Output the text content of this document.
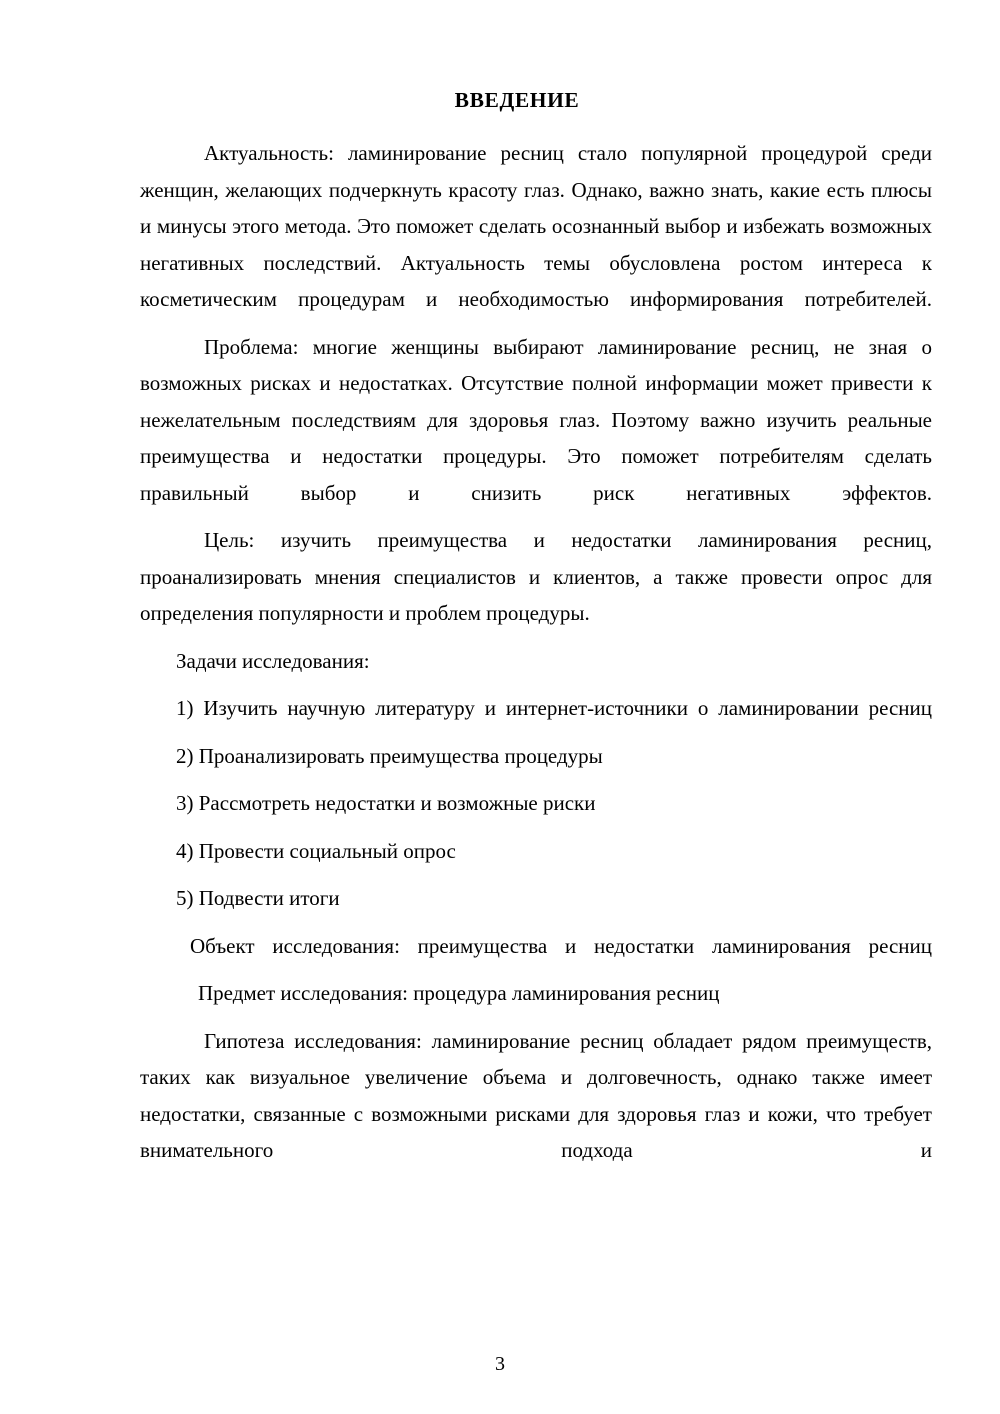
ВВЕДЕНИЕ

Актуальность: ламинирование ресниц стало популярной процедурой среди женщин, желающих подчеркнуть красоту глаз. Однако, важно знать, какие есть плюсы и минусы этого метода. Это поможет сделать осознанный выбор и избежать возможных негативных последствий. Актуальность темы обусловлена ростом интереса к косметическим процедурам и необходимостью информирования потребителей.

Проблема: многие женщины выбирают ламинирование ресниц, не зная о возможных рисках и недостатках. Отсутствие полной информации может привести к нежелательным последствиям для здоровья глаз. Поэтому важно изучить реальные преимущества и недостатки процедуры. Это поможет потребителям сделать правильный выбор и снизить риск негативных эффектов.

Цель: изучить преимущества и недостатки ламинирования ресниц, проанализировать мнения специалистов и клиентов, а также провести опрос для определения популярности и проблем процедуры.

Задачи исследования:

1) Изучить научную литературу и интернет-источники о ламинировании ресниц

2) Проанализировать преимущества процедуры

3) Рассмотреть недостатки и возможные риски

4) Провести социальный опрос

5) Подвести итоги

Объект исследования: преимущества и недостатки ламинирования ресниц

Предмет исследования: процедура ламинирования ресниц

Гипотеза исследования: ламинирование ресниц обладает рядом преимуществ, таких как визуальное увеличение объема и долговечность, однако также имеет недостатки, связанные с возможными рисками для здоровья глаз и кожи, что требует внимательного подхода и

3
